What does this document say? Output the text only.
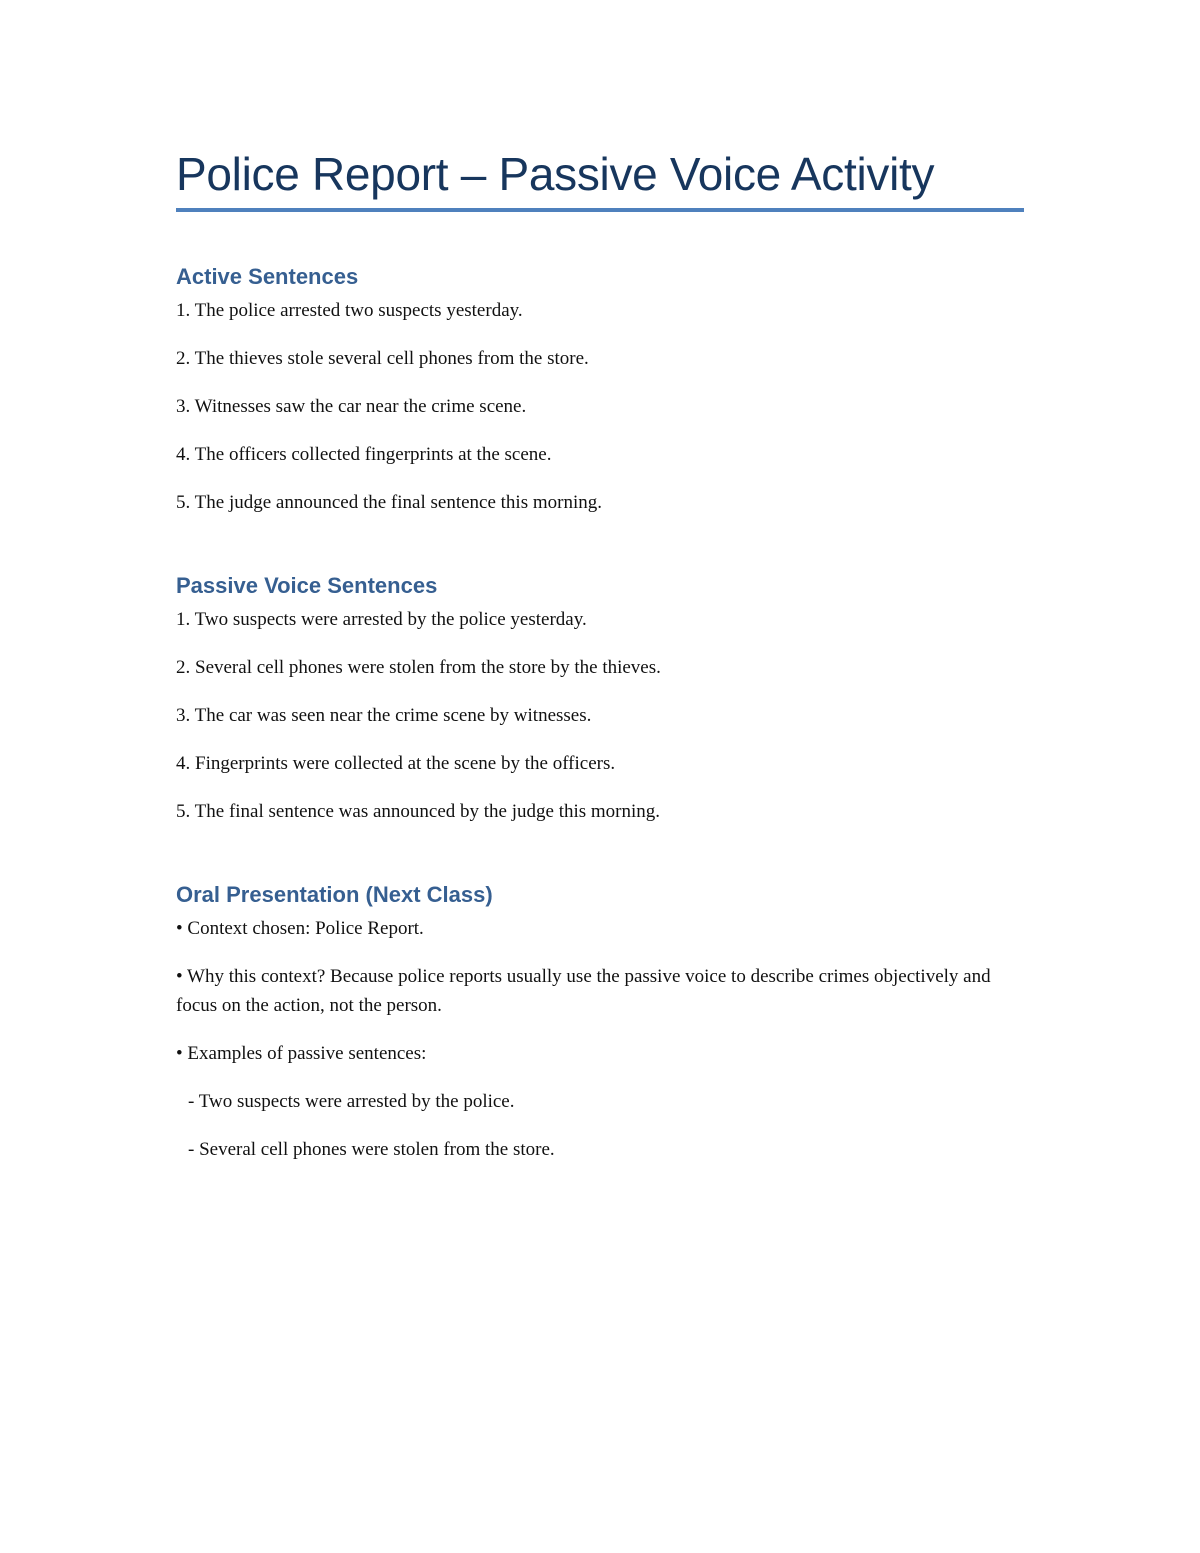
Police Report – Passive Voice Activity
Active Sentences

1. The police arrested two suspects yesterday.

2. The thieves stole several cell phones from the store.

3. Witnesses saw the car near the crime scene.

4. The officers collected fingerprints at the scene.

5. The judge announced the final sentence this morning.

Passive Voice Sentences

1. Two suspects were arrested by the police yesterday.

2. Several cell phones were stolen from the store by the thieves.

3. The car was seen near the crime scene by witnesses.

4. Fingerprints were collected at the scene by the officers.

5. The final sentence was announced by the judge this morning.

Oral Presentation (Next Class)

• Context chosen: Police Report.

• Why this context? Because police reports usually use the passive voice to describe crimes objectively and focus on the action, not the person.

• Examples of passive sentences:

- Two suspects were arrested by the police.

- Several cell phones were stolen from the store.
